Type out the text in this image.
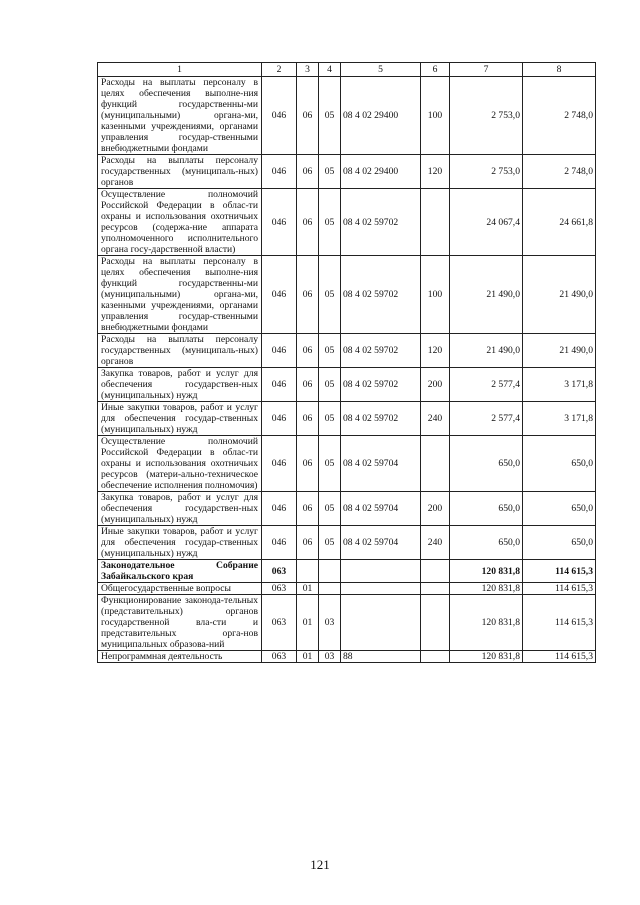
1	2	3	4	5	6	7	8
Расходы на выплаты персоналу в целях обеспечения выполне-ния функций государственны-ми (муниципальными) органа-ми, казенными учреждениями, органами управления государ-ственными внебюджетными фондами	046	06	05	08 4 02 29400	100	2 753,0	2 748,0
Расходы на выплаты персоналу государственных (муниципаль-ных) органов	046	06	05	08 4 02 29400	120	2 753,0	2 748,0
Осуществление полномочий Российской Федерации в облас-ти охраны и использования охотничьих ресурсов (содержа-ние аппарата уполномоченного исполнительного органа госу-дарственной власти)	046	06	05	08 4 02 59702		24 067,4	24 661,8
Расходы на выплаты персоналу в целях обеспечения выполне-ния функций государственны-ми (муниципальными) органа-ми, казенными учреждениями, органами управления государ-ственными внебюджетными фондами	046	06	05	08 4 02 59702	100	21 490,0	21 490,0
Расходы на выплаты персоналу государственных (муниципаль-ных) органов	046	06	05	08 4 02 59702	120	21 490,0	21 490,0
Закупка товаров, работ и услуг для обеспечения государствен-ных (муниципальных) нужд	046	06	05	08 4 02 59702	200	2 577,4	3 171,8
Иные закупки товаров, работ и услуг для обеспечения государ-ственных (муниципальных) нужд	046	06	05	08 4 02 59702	240	2 577,4	3 171,8
Осуществление полномочий Российской Федерации в облас-ти охраны и использования охотничьих ресурсов (матери-ально-техническое обеспечение исполнения полномочия)	046	06	05	08 4 02 59704		650,0	650,0
Закупка товаров, работ и услуг для обеспечения государствен-ных (муниципальных) нужд	046	06	05	08 4 02 59704	200	650,0	650,0
Иные закупки товаров, работ и услуг для обеспечения государ-ственных (муниципальных) нужд	046	06	05	08 4 02 59704	240	650,0	650,0
Законодательное Собрание Забайкальского края	063					120 831,8	114 615,3
Общегосударственные вопросы	063	01				120 831,8	114 615,3
Функционирование законода-тельных (представительных) органов государственной вла-сти и представительных орга-нов муниципальных образова-ний	063	01	03			120 831,8	114 615,3
Непрограммная деятельность	063	01	03	88		120 831,8	114 615,3
121
